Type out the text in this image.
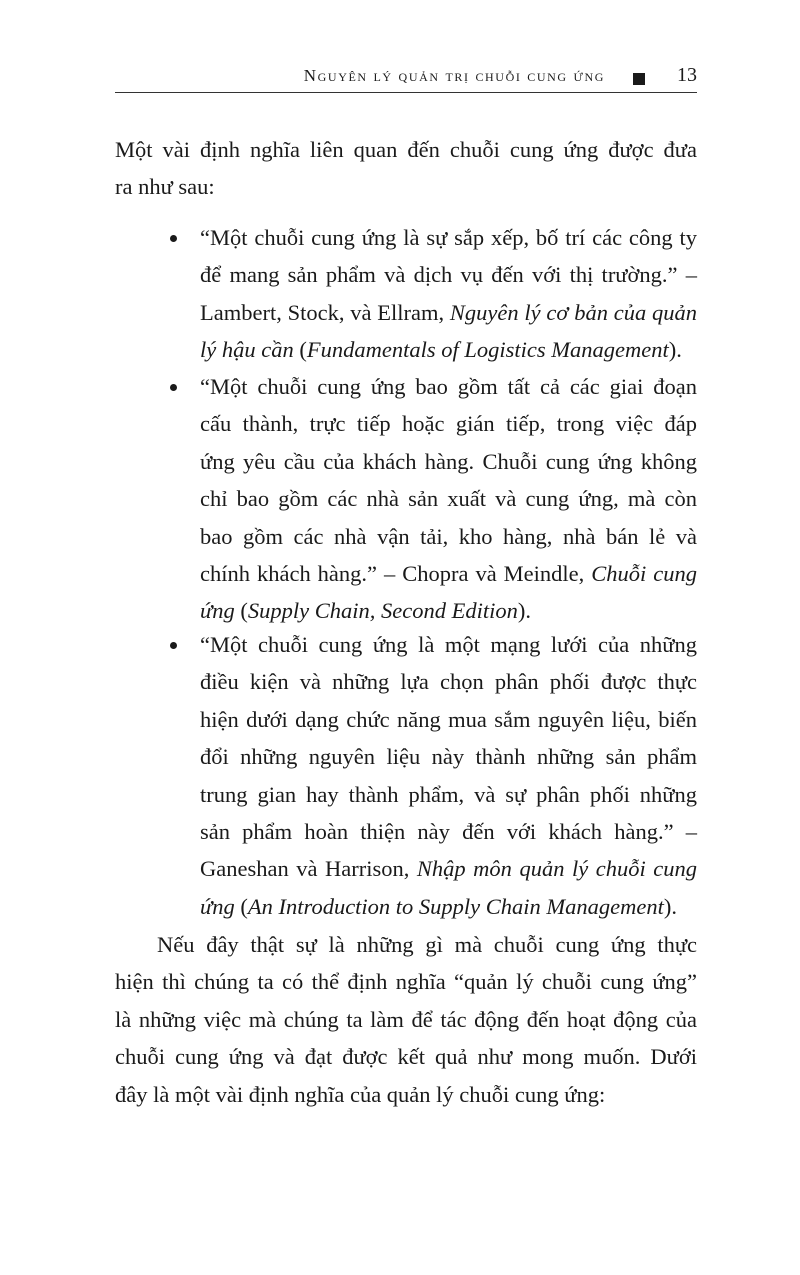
Nguyên lý quản trị chuỗi cung ứng	13
Một vài định nghĩa liên quan đến chuỗi cung ứng được đưa
ra như sau:
“Một chuỗi cung ứng là sự sắp xếp, bố trí các công ty
để mang sản phẩm và dịch vụ đến với thị trường.” –
Lambert, Stock, và Ellram, Nguyên lý cơ bản của quản
lý hậu cần (Fundamentals of Logistics Management).
“Một chuỗi cung ứng bao gồm tất cả các giai đoạn
cấu thành, trực tiếp hoặc gián tiếp, trong việc đáp
ứng yêu cầu của khách hàng. Chuỗi cung ứng không
chỉ bao gồm các nhà sản xuất và cung ứng, mà còn
bao gồm các nhà vận tải, kho hàng, nhà bán lẻ và
chính khách hàng.” – Chopra và Meindle, Chuỗi cung
ứng (Supply Chain, Second Edition).
“Một chuỗi cung ứng là một mạng lưới của những
điều kiện và những lựa chọn phân phối được thực
hiện dưới dạng chức năng mua sắm nguyên liệu, biến
đổi những nguyên liệu này thành những sản phẩm
trung gian hay thành phẩm, và sự phân phối những
sản phẩm hoàn thiện này đến với khách hàng.” –
Ganeshan và Harrison, Nhập môn quản lý chuỗi cung
ứng (An Introduction to Supply Chain Management).
Nếu đây thật sự là những gì mà chuỗi cung ứng thực
hiện thì chúng ta có thể định nghĩa “quản lý chuỗi cung ứng”
là những việc mà chúng ta làm để tác động đến hoạt động của
chuỗi cung ứng và đạt được kết quả như mong muốn. Dưới
đây là một vài định nghĩa của quản lý chuỗi cung ứng:
